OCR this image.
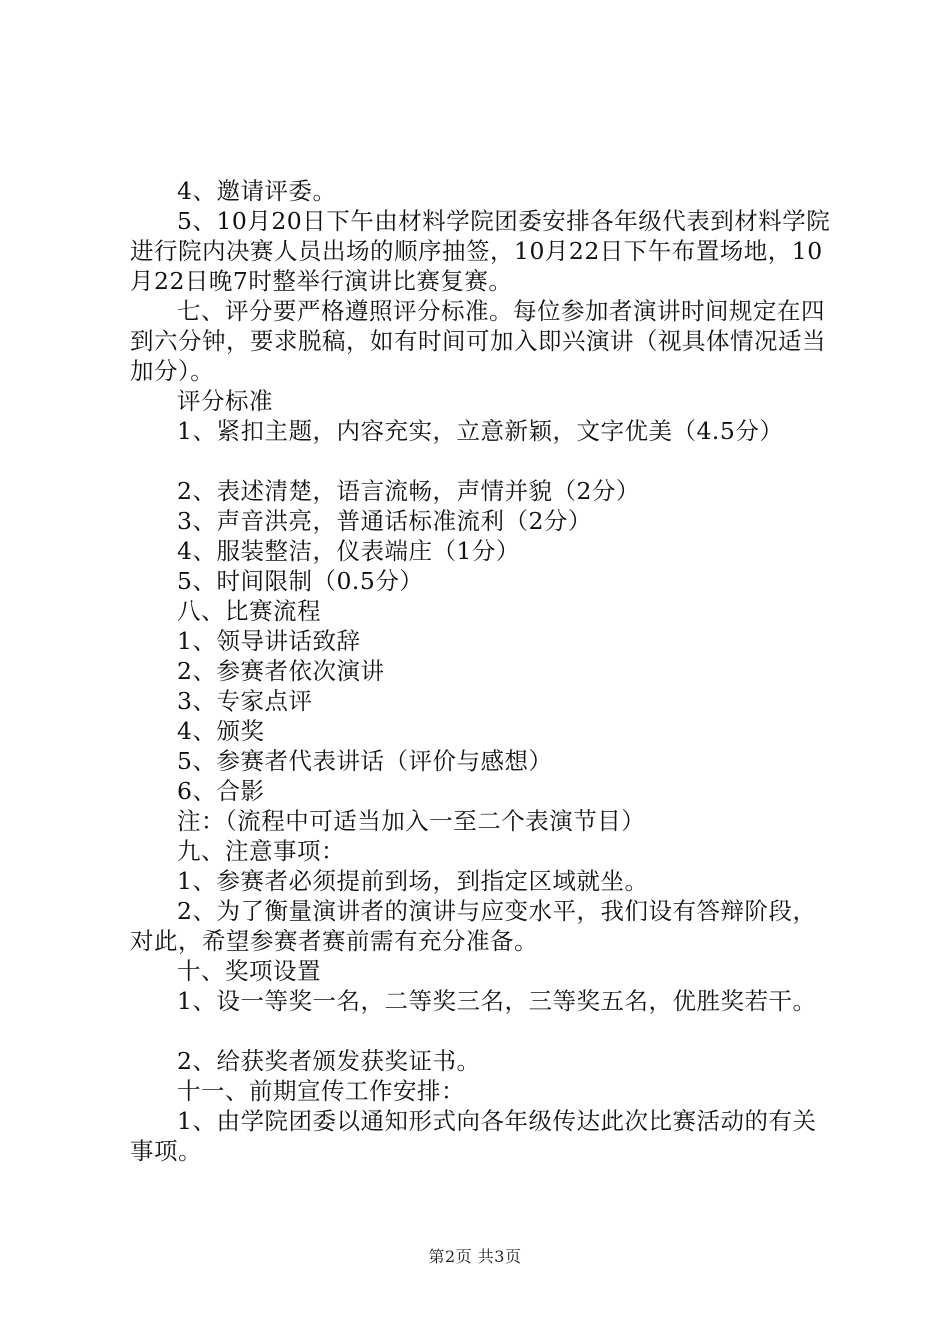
4、邀请评委。

5、10月20日下午由材料学院团委安排各年级代表到材料学院进行院内决赛人员出场的顺序抽签，10月22日下午布置场地，10月22日晚7时整举行演讲比赛复赛。

七、评分要严格遵照评分标准。每位参加者演讲时间规定在四到六分钟，要求脱稿，如有时间可加入即兴演讲（视具体情况适当加分）。

评分标准

1、紧扣主题，内容充实，立意新颖，文字优美（4.5分）

2、表述清楚，语言流畅，声情并貌（2分）

3、声音洪亮，普通话标准流利（2分）

4、服装整洁，仪表端庄（1分）

5、时间限制（0.5分）

八、比赛流程

1、领导讲话致辞

2、参赛者依次演讲

3、专家点评

4、颁奖

5、参赛者代表讲话（评价与感想）

6、合影

注：（流程中可适当加入一至二个表演节目）

九、注意事项：

1、参赛者必须提前到场，到指定区域就坐。

2、为了衡量演讲者的演讲与应变水平，我们设有答辩阶段，对此，希望参赛者赛前需有充分准备。

十、奖项设置

1、设一等奖一名，二等奖三名，三等奖五名，优胜奖若干。

2、给获奖者颁发获奖证书。

十一、前期宣传工作安排：

1、由学院团委以通知形式向各年级传达此次比赛活动的有关事项。

第2页 共3页
